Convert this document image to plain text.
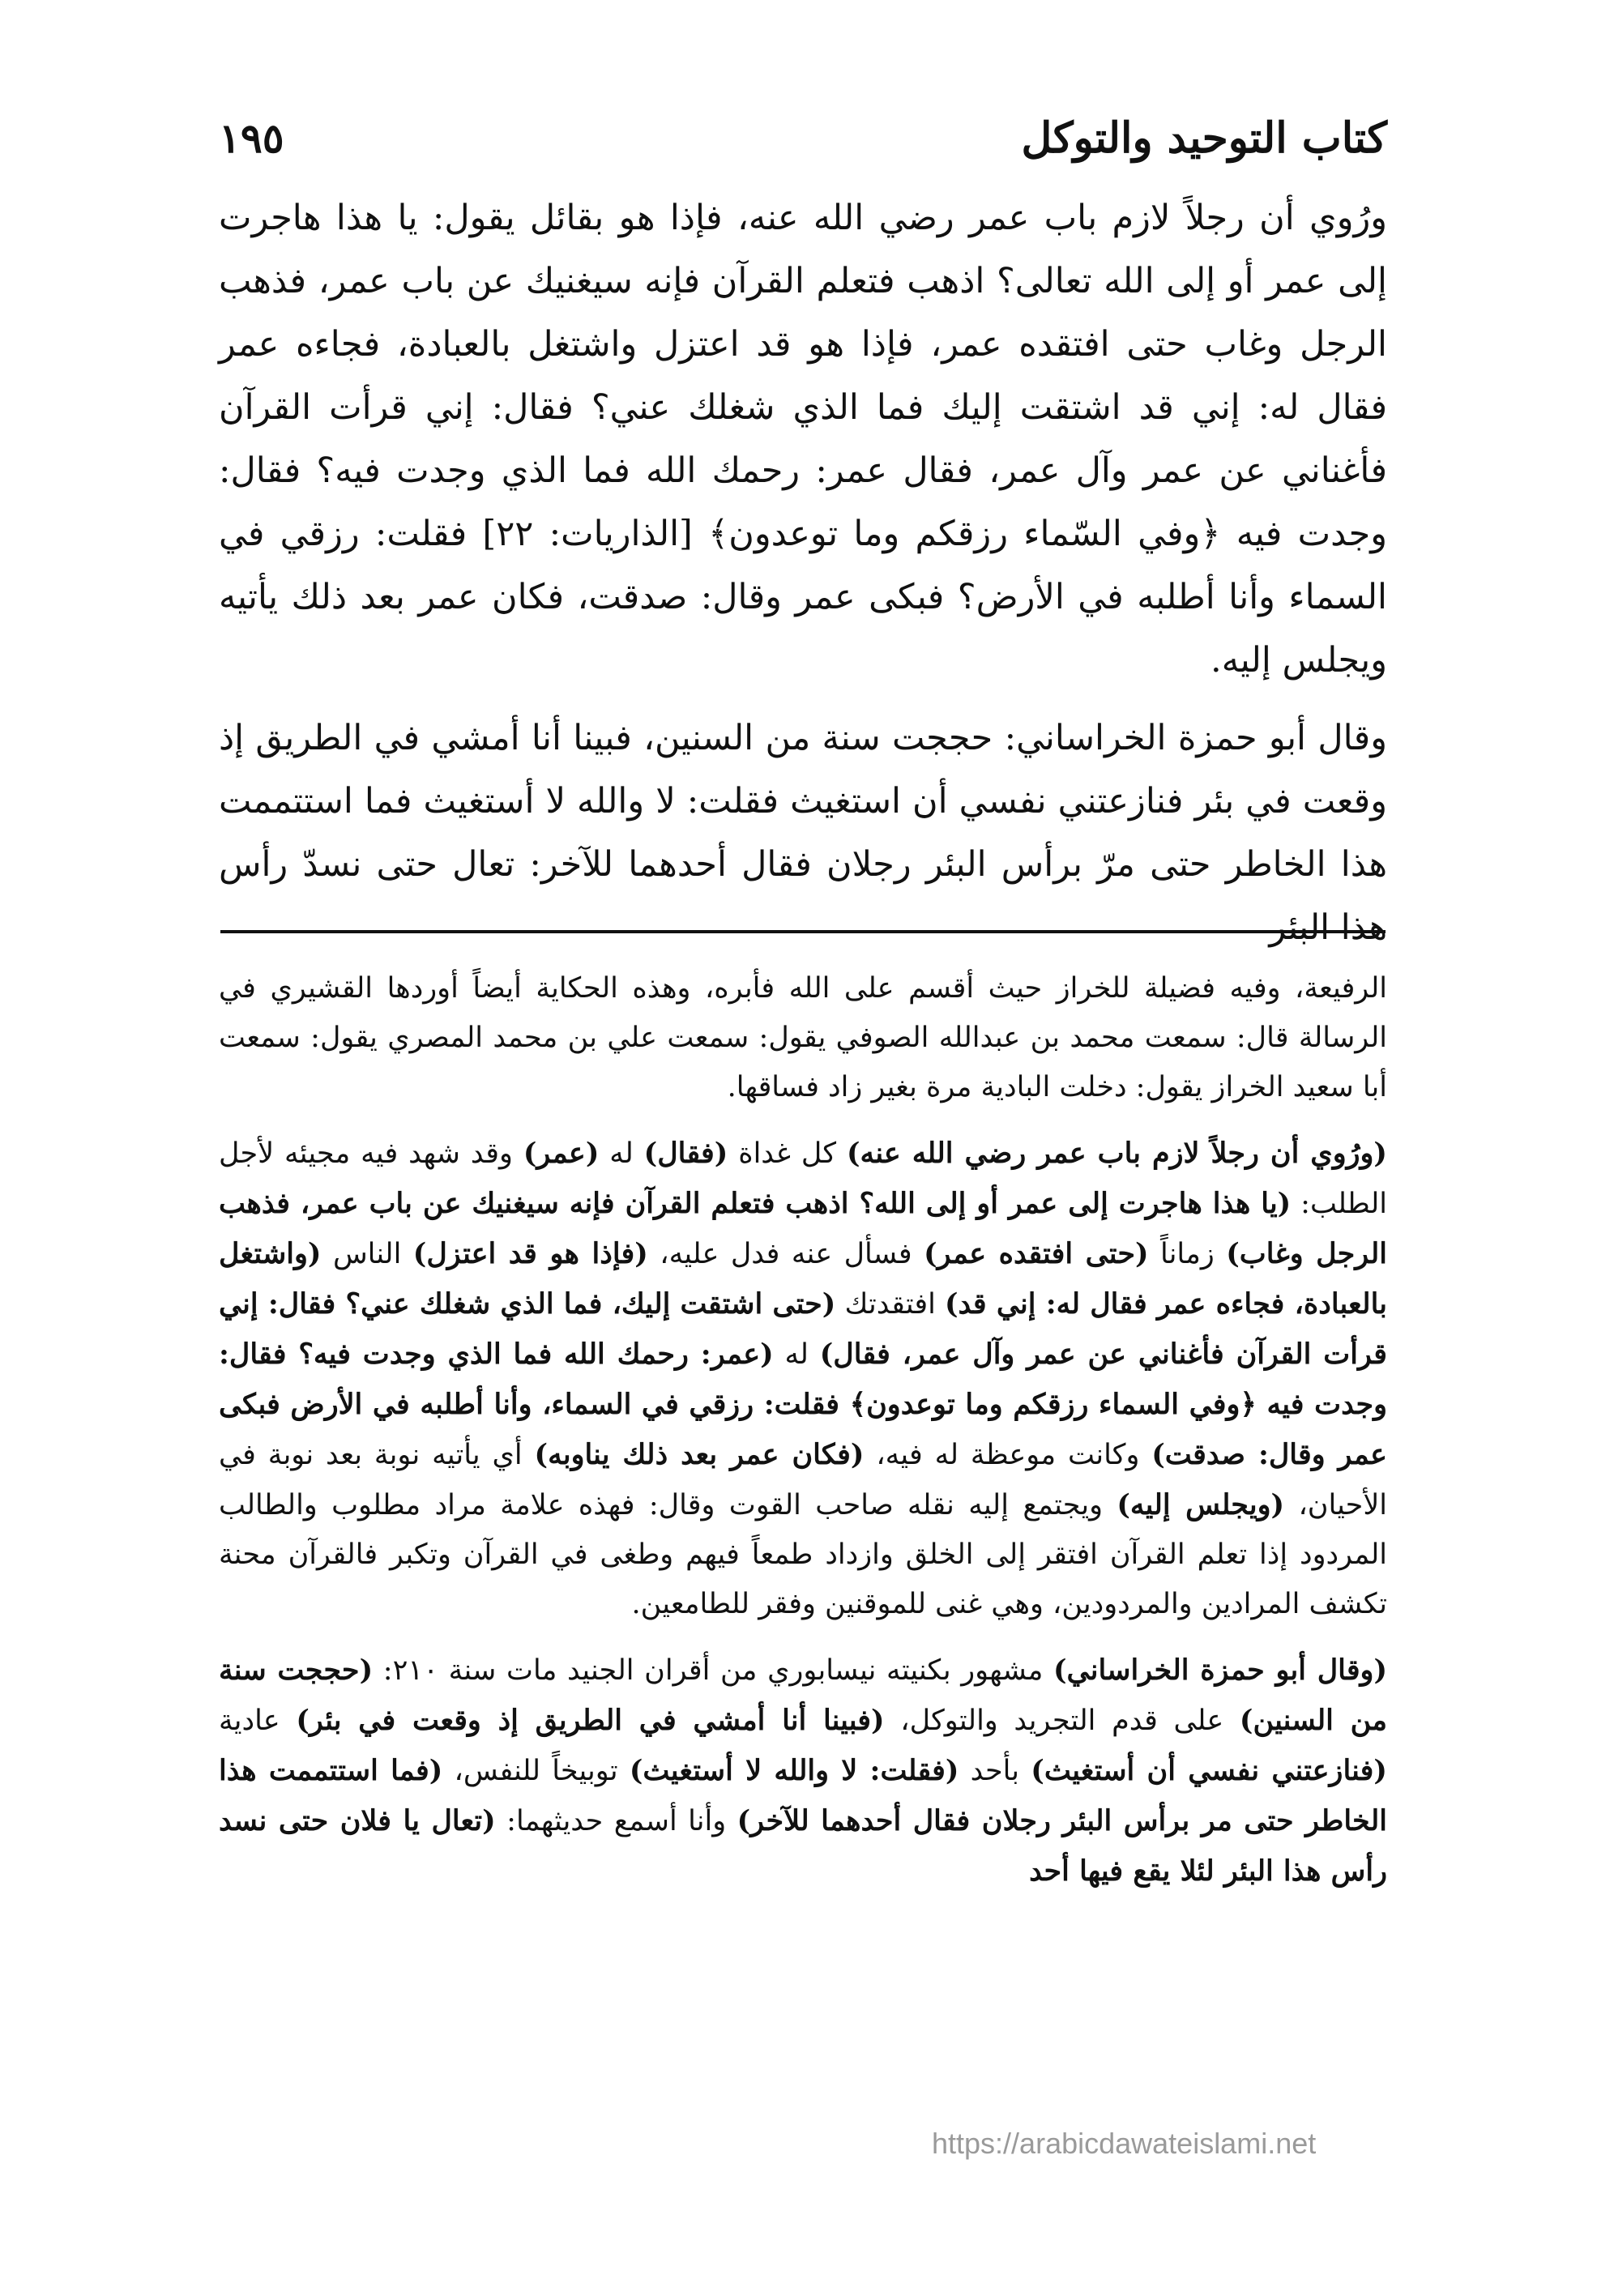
كتاب التوحيد والتوكل
١٩٥

ورُوي أن رجلاً لازم باب عمر رضي الله عنه، فإذا هو بقائل يقول: يا هذا هاجرت إلى عمر أو إلى الله تعالى؟ اذهب فتعلم القرآن فإنه سيغنيك عن باب عمر، فذهب الرجل وغاب حتى افتقده عمر، فإذا هو قد اعتزل واشتغل بالعبادة، فجاءه عمر فقال له: إني قد اشتقت إليك فما الذي شغلك عني؟ فقال: إني قرأت القرآن فأغناني عن عمر وآل عمر، فقال عمر: رحمك الله فما الذي وجدت فيه؟ فقال: وجدت فيه ﴿وفي السّماء رزقكم وما توعدون﴾ [الذاريات: ٢٢] فقلت: رزقي في السماء وأنا أطلبه في الأرض؟ فبكى عمر وقال: صدقت، فكان عمر بعد ذلك يأتيه ويجلس إليه.

وقال أبو حمزة الخراساني: حججت سنة من السنين، فبينا أنا أمشي في الطريق إذ وقعت في بئر فنازعتني نفسي أن استغيث فقلت: لا والله لا أستغيث فما استتممت هذا الخاطر حتى مرّ برأس البئر رجلان فقال أحدهما للآخر: تعال حتى نسدّ رأس هذا البئر

الرفيعة، وفيه فضيلة للخراز حيث أقسم على الله فأبره، وهذه الحكاية أيضاً أوردها القشيري في الرسالة قال: سمعت محمد بن عبدالله الصوفي يقول: سمعت علي بن محمد المصري يقول: سمعت أبا سعيد الخراز يقول: دخلت البادية مرة بغير زاد فساقها.

(ورُوي أن رجلاً لازم باب عمر رضي الله عنه) كل غداة (فقال) له (عمر) وقد شهد فيه مجيئه لأجل الطلب: (يا هذا هاجرت إلى عمر أو إلى الله؟ اذهب فتعلم القرآن فإنه سيغنيك عن باب عمر، فذهب الرجل وغاب) زماناً (حتى افتقده عمر) فسأل عنه فدل عليه، (فإذا هو قد اعتزل) الناس (واشتغل بالعبادة، فجاءه عمر فقال له: إني قد) افتقدتك (حتى اشتقت إليك، فما الذي شغلك عني؟ فقال: إني قرأت القرآن فأغناني عن عمر وآل عمر، فقال) له (عمر: رحمك الله فما الذي وجدت فيه؟ فقال: وجدت فيه ﴿وفي السماء رزقكم وما توعدون﴾ فقلت: رزقي في السماء، وأنا أطلبه في الأرض فبكى عمر وقال: صدقت) وكانت موعظة له فيه، (فكان عمر بعد ذلك يناوبه) أي يأتيه نوبة بعد نوبة في الأحيان، (ويجلس إليه) ويجتمع إليه نقله صاحب القوت وقال: فهذه علامة مراد مطلوب والطالب المردود إذا تعلم القرآن افتقر إلى الخلق وازداد طمعاً فيهم وطغى في القرآن وتكبر فالقرآن محنة تكشف المرادين والمردودين، وهي غنى للموقنين وفقر للطامعين.

(وقال أبو حمزة الخراساني) مشهور بكنيته نيسابوري من أقران الجنيد مات سنة ٢١٠: (حججت سنة من السنين) على قدم التجريد والتوكل، (فبينا أنا أمشي في الطريق إذ وقعت في بئر) عادية (فنازعتني نفسي أن أستغيث) بأحد (فقلت: لا والله لا أستغيث) توبيخاً للنفس، (فما استتممت هذا الخاطر حتى مر برأس البئر رجلان فقال أحدهما للآخر) وأنا أسمع حديثهما: (تعال يا فلان حتى نسد رأس هذا البئر لئلا يقع فيها أحد

https://arabicdawateislami.net
